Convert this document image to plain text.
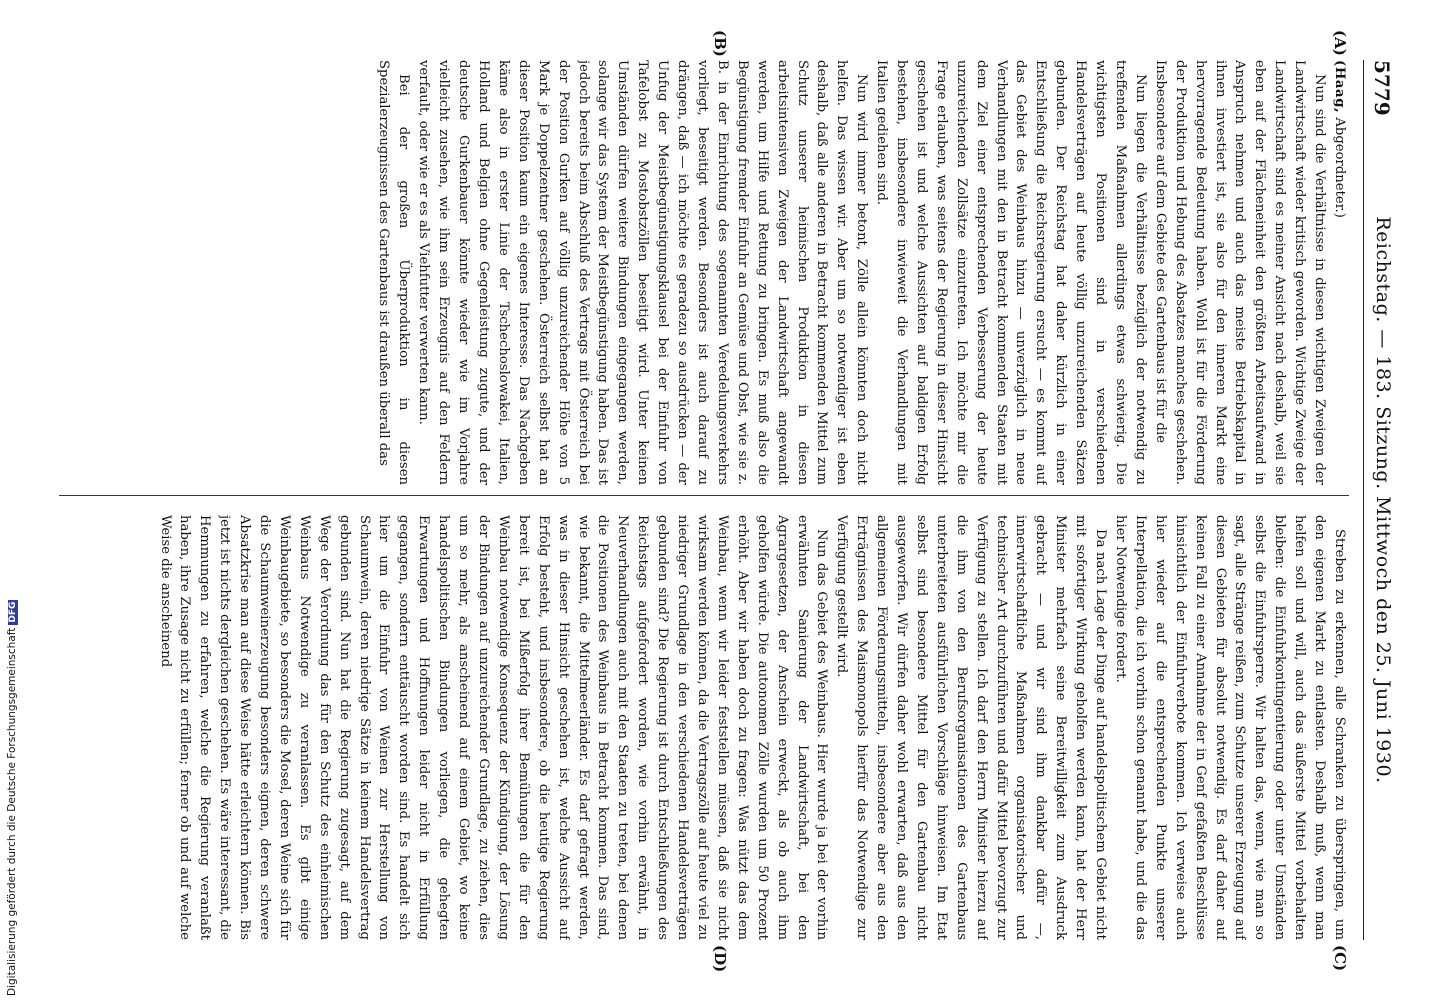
5779
Reichstag. — 183. Sitzung. Mittwoch den 25. Juni 1930.

(Haag, Abgeordneter.)

Nun sind die Verhältnisse in diesen wichtigen Zweigen der Landwirtschaft wieder kritisch geworden. Wichtige Zweige der Landwirtschaft sind es meiner Ansicht nach deshalb, weil sie eben auf der Flächeneinheit den größten Arbeitsaufwand in Anspruch nehmen und auch das meiste Betriebskapital in ihnen investiert ist, sie also für den inneren Markt eine hervorragende Bedeutung haben. Wohl ist für die Förderung der Produktion und Hebung des Absatzes manches geschehen. Insbesondere auf dem Gebiete des Gartenbaus ist für die

Nun liegen die Verhältnisse bezüglich der notwendig zu treffenden Maßnahmen allerdings etwas schwierig. Die wichtigsten Positionen sind in verschiedenen Handelsverträgen auf heute völlig unzureichenden Sätzen gebunden. Der Reichstag hat daher kürzlich in einer Entschließung die Reichsregierung ersucht — es kommt auf das Gebiet des Weinbaus hinzu — unverzüglich in neue Verhandlungen mit den in Betracht kommenden Staaten mit dem Ziel einer entsprechenden Verbesserung der heute unzureichenden Zollsätze einzutreten. Ich möchte mir die Frage erlauben, was seitens der Regierung in dieser Hinsicht geschehen ist und welche Aussichten auf baldigen Erfolg bestehen, insbesondere inwieweit die Verhandlungen mit Italien gediehen sind.

Nun wird immer betont, Zölle allein könnten doch nicht helfen. Das wissen wir. Aber um so notwendiger ist eben deshalb, daß alle anderen in Betracht kommenden Mittel zum Schutz unserer heimischen Produktion in diesen arbeitsintensiven Zweigen der Landwirtschaft angewandt werden, um Hilfe und Rettung zu bringen. Es muß also die Begünstigung fremder Einfuhr an Gemüse und Obst, wie sie z. B. in der Einrichtung des sogenannten Veredelungsverkehrs vorliegt, beseitigt werden. Besonders ist auch darauf zu drängen, daß — ich möchte es geradezu so ausdrücken — der Unfug der Meistbegünstigungsklausel bei der Einfuhr von Tafelobst zu Mostobstzöllen beseitigt wird. Unter keinen Umständen dürfen weitere Bindungen eingegangen werden, solange wir das System der Meistbegünstigung haben. Das ist jedoch bereits beim Abschluß des Vertrags mit Österreich bei der Position Gurken auf völlig unzureichender Höhe von 5 Mark je Doppelzentner geschehen. Österreich selbst hat an dieser Position kaum ein eigenes Interesse. Das Nachgeben käme also in erster Linie der Tschechoslowakei, Italien, Holland und Belgien ohne Gegenleistung zugute, und der deutsche Gurkenbauer könnte wieder wie im Vorjahre vielleicht zusehen, wie ihm sein Erzeugnis auf den Feldern verfault, oder wie er es als Viehfutter verwerten kann.

Bei der großen Überproduktion in diesen Spezialerzeugnissen des Gartenbaus ist draußen überall das

Streben zu erkennen, alle Schranken zu überspringen, um den eigenen Markt zu entlasten. Deshalb muß, wenn man helfen soll und will, auch das äußerste Mittel vorbehalten bleiben: die Einfuhrkontingentierung oder unter Umständen selbst die Einfuhrsperre. Wir halten das, wenn, wie man so sagt, alle Stränge reißen, zum Schutze unserer Erzeugung auf diesen Gebieten für absolut notwendig. Es darf daher auf keinen Fall zu einer Annahme der in Genf gefaßten Beschlüsse hinsichtlich der Einfuhrverbote kommen. Ich verweise auch hier wieder auf die entsprechenden Punkte unserer Interpellation, die ich vorhin schon genannt habe, und die das hier Notwendige fordert.

Da nach Lage der Dinge auf handelspolitischem Gebiet nicht mit sofortiger Wirkung geholfen werden kann, hat der Herr Minister mehrfach seine Bereitwilligkeit zum Ausdruck gebracht — und wir sind ihm dankbar dafür —, innerwirtschaftliche Maßnahmen organisatorischer und technischer Art durchzuführen und dafür Mittel bevorzugt zur Verfügung zu stellen. Ich darf den Herrn Minister hierzu auf die ihm von den Berufsorganisationen des Gartenbaus unterbreiteten ausführlichen Vorschläge hinweisen. Im Etat selbst sind besondere Mittel für den Gartenbau nicht ausgeworfen. Wir dürfen daher wohl erwarten, daß aus den allgemeinen Förderungsmitteln, insbesondere aber aus den Erträgnissen des Maismonopols hierfür das Notwendige zur Verfügung gestellt wird.

Nun das Gebiet des Weinbaus. Hier wurde ja bei der vorhin erwähnten Sanierung der Landwirtschaft, bei den Agrargesetzen, der Anschein erweckt, als ob auch ihm geholfen würde. Die autonomen Zölle wurden um 50 Prozent erhöht. Aber wir haben doch zu fragen: Was nützt das dem Weinbau, wenn wir leider feststellen müssen, daß sie nicht wirksam werden können, da die Vertragszölle auf heute viel zu niedriger Grundlage in den verschiedenen Handelsverträgen gebunden sind? Die Regierung ist durch Entschließungen des Reichstags aufgefordert worden, wie vorhin erwähnt, in Neuverhandlungen auch mit den Staaten zu treten, bei denen die Positionen des Weinbaus in Betracht kommen. Das sind, wie bekannt, die Mittelmeerländer. Es darf gefragt werden, was in dieser Hinsicht geschehen ist, welche Aussicht auf Erfolg besteht, und insbesondere, ob die heutige Regierung bereit ist, bei Mißerfolg ihrer Bemühungen die für den Weinbau notwendige Konsequenz der Kündigung, der Lösung der Bindungen auf unzureichender Grundlage, zu ziehen, dies um so mehr, als anscheinend auf einem Gebiet, wo keine handelspolitischen Bindungen vorliegen, die gehegten Erwartungen und Hoffnungen leider nicht in Erfüllung gegangen, sondern enttäuscht worden sind. Es handelt sich hier um die Einfuhr von Weinen zur Herstellung von Schaumwein, deren niedrige Sätze in keinem Handelsvertrag gebunden sind. Nun hat die Regierung zugesagt, auf dem Wege der Verordnung das für den Schutz des einheimischen Weinbaus Notwendige zu veranlassen. Es gibt einige Weinbaugebiete, so besonders die Mosel, deren Weine sich für die Schaumweinerzeugung besonders eignen, deren schwere Absatzkrise man auf diese Weise hätte erleichtern können. Bis jetzt ist nichts dergleichen geschehen. Es wäre interessant, die Hemmungen zu erfahren, welche die Regierung veranlaßt haben, ihre Zusage nicht zu erfüllen; ferner ob und auf welche Weise die anscheinend

(A)
(B)
(C)
(D)
Digitalisierung gefördert durch die Deutsche ForschungsgemeinschaftDFG
